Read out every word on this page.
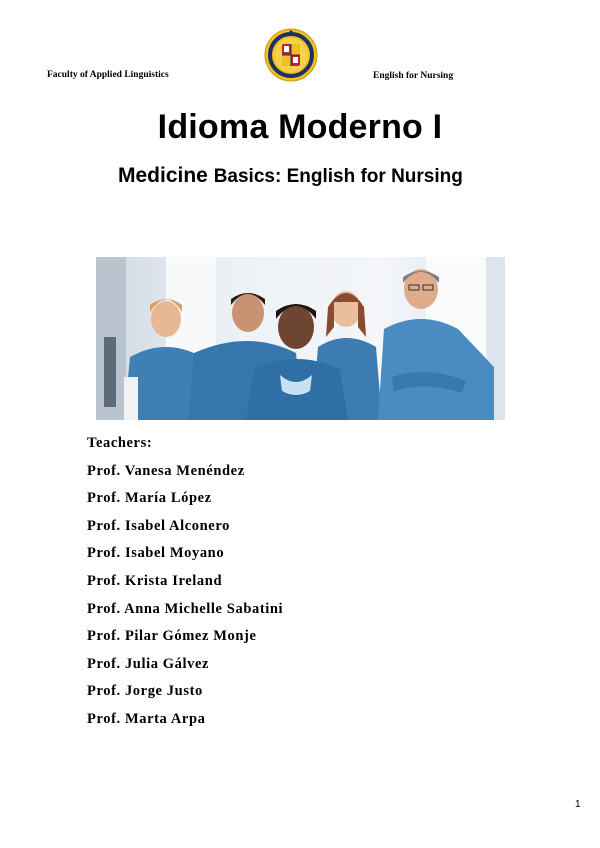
Faculty of Applied Linguistics	English for Nursing
Idioma Moderno I
Medicine Basics: English for Nursing
Teachers:
Prof. Vanesa Menéndez
Prof. María López
Prof. Isabel Alconero
Prof. Isabel Moyano
Prof. Krista Ireland
Prof. Anna Michelle Sabatini
Prof. Pilar Gómez Monje
Prof. Julia Gálvez
Prof. Jorge Justo
Prof. Marta Arpa
1
